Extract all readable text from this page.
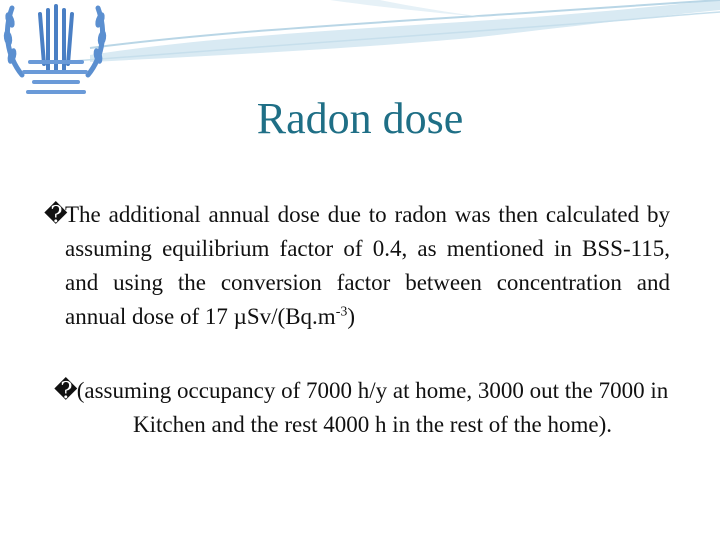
Radon dose
�
The additional annual dose due to radon was then calculated by assuming equilibrium factor of 0.4, as mentioned in BSS-115, and using the conversion factor between concentration and annual dose of 17 µSv/$(Bq.m^{-3})$
� (assuming occupancy of 7000 h/y at home, 3000 out the 7000 in Kitchen and the rest 4000 h in the rest of the home).
